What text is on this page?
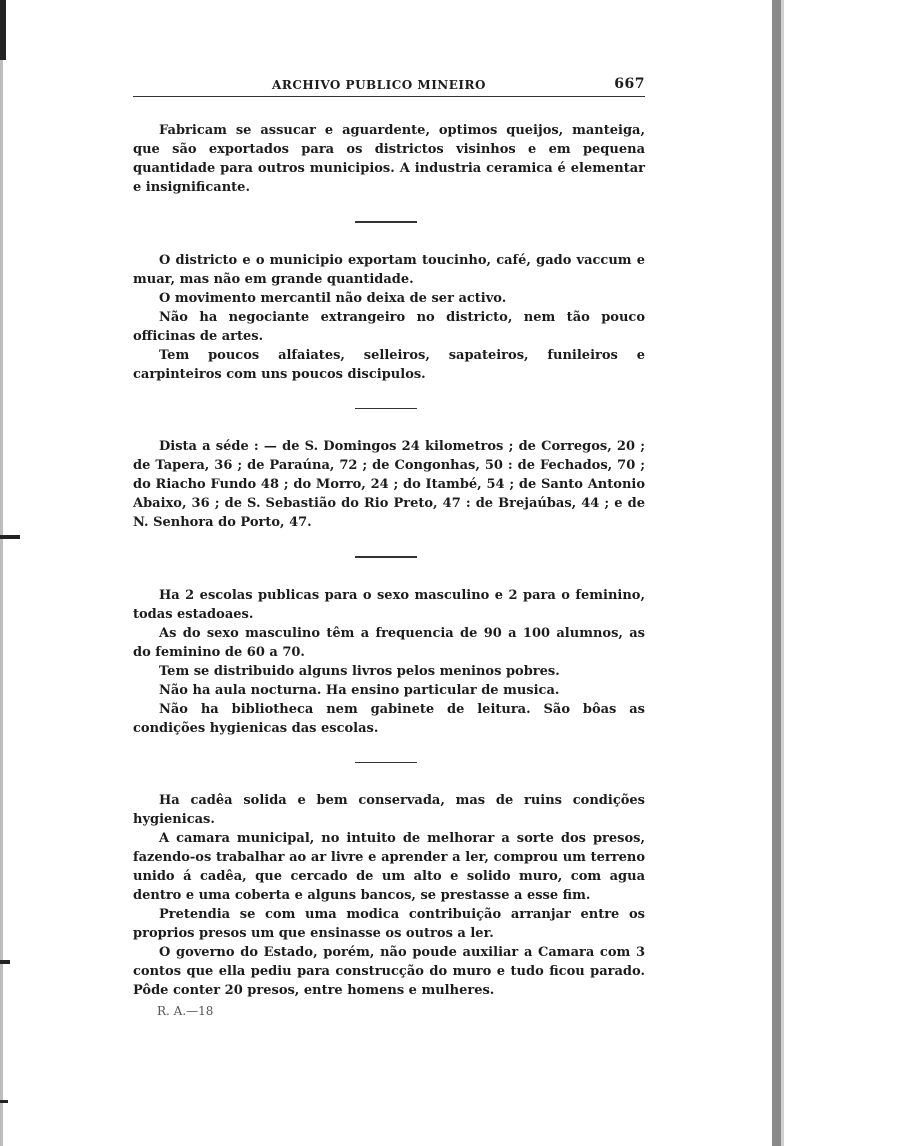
ARCHIVO PUBLICO MINEIRO	667

Fabricam se assucar e aguardente, optimos queijos, manteiga, que são exportados para os districtos visinhos e em pequena quantidade para outros municipios. A industria ceramica é elementar e insignificante.

O districto e o municipio exportam toucinho, café, gado vaccum e muar, mas não em grande quantidade.

O movimento mercantil não deixa de ser activo.

Não ha negociante extrangeiro no districto, nem tão pouco officinas de artes.

Tem poucos alfaiates, selleiros, sapateiros, funileiros e carpinteiros com uns poucos discipulos.

Dista a séde : — de S. Domingos 24 kilometros ; de Corregos, 20 ; de Tapera, 36 ; de Paraúna, 72 ; de Congonhas, 50 : de Fechados, 70 ; do Riacho Fundo 48 ; do Morro, 24 ; do Itambé, 54 ; de Santo Antonio Abaixo, 36 ; de S. Sebastião do Rio Preto, 47 : de Brejaúbas, 44 ; e de N. Senhora do Porto, 47.

Ha 2 escolas publicas para o sexo masculino e 2 para o feminino, todas estadoaes.

As do sexo masculino têm a frequencia de 90 a 100 alumnos, as do feminino de 60 a 70.

Tem se distribuido alguns livros pelos meninos pobres.

Não ha aula nocturna. Ha ensino particular de musica.

Não ha bibliotheca nem gabinete de leitura. São bôas as condições hygienicas das escolas.

Ha cadêa solida e bem conservada, mas de ruins condições hygienicas.

A camara municipal, no intuito de melhorar a sorte dos presos, fazendo-os trabalhar ao ar livre e aprender a ler, comprou um terreno unido á cadêa, que cercado de um alto e solido muro, com agua dentro e uma coberta e alguns bancos, se prestasse a esse fim.

Pretendia se com uma modica contribuição arranjar entre os proprios presos um que ensinasse os outros a ler.

O governo do Estado, porém, não poude auxiliar a Camara com 3 contos que ella pediu para construcção do muro e tudo ficou parado. Pôde conter 20 presos, entre homens e mulheres.

R. A.—18
